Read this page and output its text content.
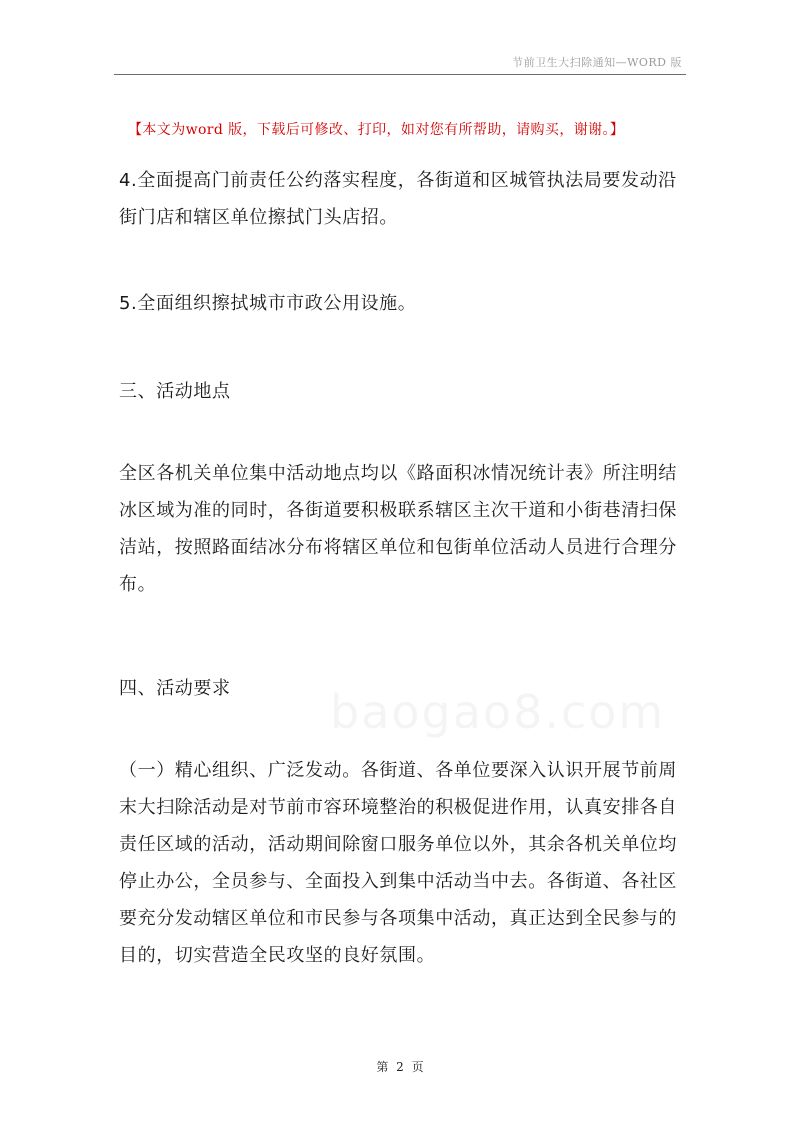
节前卫生大扫除通知—WORD 版
【本文为word 版，下载后可修改、打印，如对您有所帮助，请购买，谢谢。】

4.全面提高门前责任公约落实程度，各街道和区城管执法局要发动沿街门店和辖区单位擦拭门头店招。

5.全面组织擦拭城市市政公用设施。

三、活动地点

全区各机关单位集中活动地点均以《路面积冰情况统计表》所注明结冰区域为准的同时，各街道要积极联系辖区主次干道和小街巷清扫保洁站，按照路面结冰分布将辖区单位和包街单位活动人员进行合理分布。

四、活动要求

（一）精心组织、广泛发动。各街道、各单位要深入认识开展节前周末大扫除活动是对节前市容环境整治的积极促进作用，认真安排各自责任区域的活动，活动期间除窗口服务单位以外，其余各机关单位均停止办公，全员参与、全面投入到集中活动当中去。各街道、各社区要充分发动辖区单位和市民参与各项集中活动，真正达到全民参与的目的，切实营造全民攻坚的良好氛围。

第 2 页
